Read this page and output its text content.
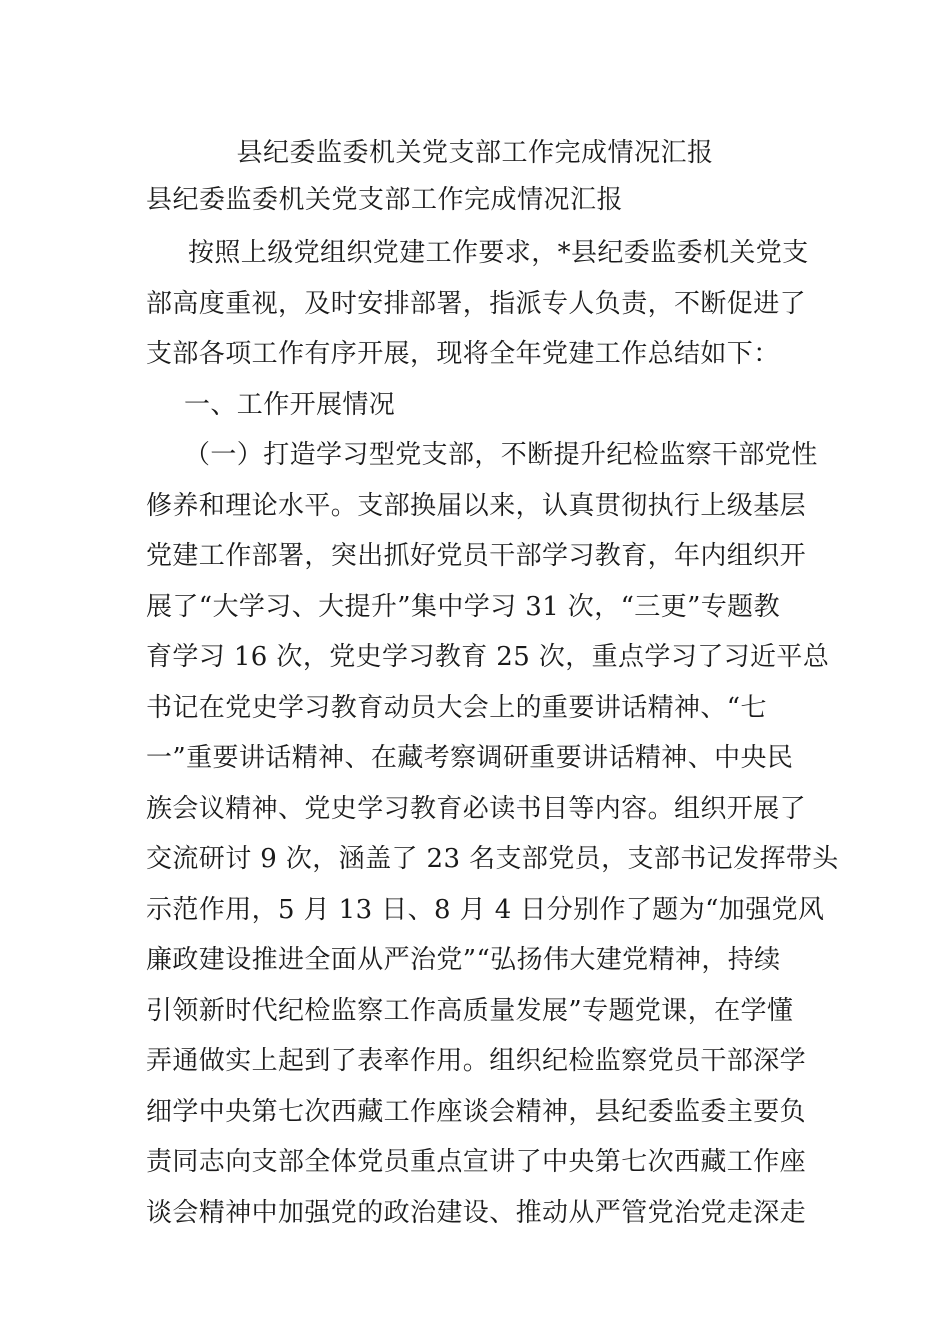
县纪委监委机关党支部工作完成情况汇报
县纪委监委机关党支部工作完成情况汇报
按照上级党组织党建工作要求，*县纪委监委机关党支
部高度重视，及时安排部署，指派专人负责，不断促进了
支部各项工作有序开展，现将全年党建工作总结如下：
一、工作开展情况
（一）打造学习型党支部，不断提升纪检监察干部党性
修养和理论水平。支部换届以来，认真贯彻执行上级基层
党建工作部署，突出抓好党员干部学习教育，年内组织开
展了“大学习、大提升”集中学习 31 次，“三更”专题教
育学习 16 次，党史学习教育 25 次，重点学习了习近平总
书记在党史学习教育动员大会上的重要讲话精神、“七
一”重要讲话精神、在藏考察调研重要讲话精神、中央民
族会议精神、党史学习教育必读书目等内容。组织开展了
交流研讨 9 次，涵盖了 23 名支部党员，支部书记发挥带头
示范作用，5 月 13 日、8 月 4 日分别作了题为“加强党风
廉政建设推进全面从严治党”“弘扬伟大建党精神，持续
引领新时代纪检监察工作高质量发展”专题党课，在学懂
弄通做实上起到了表率作用。组织纪检监察党员干部深学
细学中央第七次西藏工作座谈会精神，县纪委监委主要负
责同志向支部全体党员重点宣讲了中央第七次西藏工作座
谈会精神中加强党的政治建设、推动从严管党治党走深走
